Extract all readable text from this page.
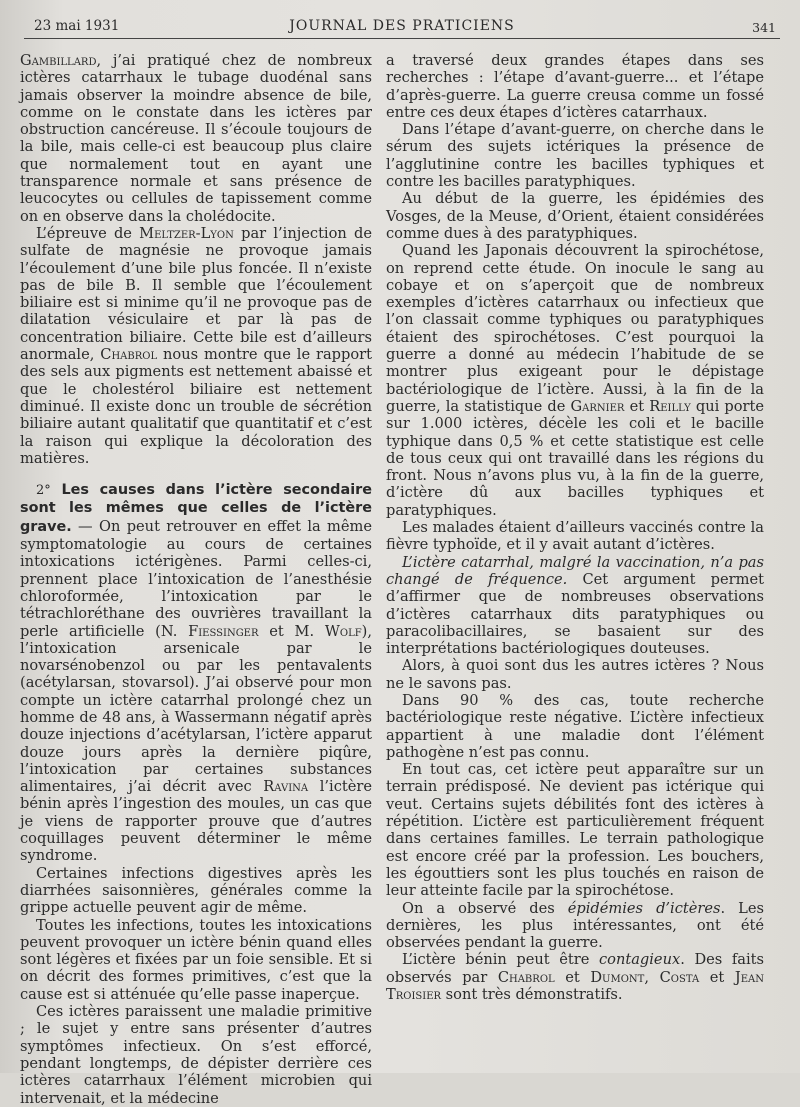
23 mai 1931	JOURNAL DES PRATICIENS	341

Gambillard, j’ai pratiqué chez de nombreux ictères catarrhaux le tubage duodénal sans jamais observer la moindre absence de bile, comme on le constate dans les ictères par obstruction cancéreuse. Il s’écoule toujours de la bile, mais celle-ci est beaucoup plus claire que normalement tout en ayant une transparence normale et sans présence de leucocytes ou cellules de tapissement comme on en observe dans la cholédocite.

L’épreuve de Meltzer-Lyon par l’injection de sulfate de magnésie ne provoque jamais l’écoulement d’une bile plus foncée. Il n’existe pas de bile B. Il semble que l’écoulement biliaire est si minime qu’il ne provoque pas de dilatation vésiculaire et par là pas de concentration biliaire. Cette bile est d’ailleurs anormale, Chabrol nous montre que le rapport des sels aux pigments est nettement abaissé et que le cholestérol biliaire est nettement diminué. Il existe donc un trouble de sécrétion biliaire autant qualitatif que quantitatif et c’est la raison qui explique la décoloration des matières.

2° Les causes dans l’ictère secondaire sont les mêmes que celles de l’ictère grave. — On peut retrouver en effet la même symptomatologie au cours de certaines intoxications ictérigènes. Parmi celles-ci, prennent place l’intoxication de l’anesthésie chloroformée, l’intoxication par le tétrachloréthane des ouvrières travaillant la perle artificielle (N. Fiessinger et M. Wolf), l’intoxication arsenicale par le novarsénobenzol ou par les pentavalents (acétylarsan, stovarsol). J’ai observé pour mon compte un ictère catarrhal prolongé chez un homme de 48 ans, à Wassermann négatif après douze injections d’acétylarsan, l’ictère apparut douze jours après la dernière piqûre, l’intoxication par certaines substances alimentaires, j’ai décrit avec Ravina l’ictère bénin après l’ingestion des moules, un cas que je viens de rapporter prouve que d’autres coquillages peuvent déterminer le même syndrome.

Certaines infections digestives après les diarrhées saisonnières, générales comme la grippe actuelle peuvent agir de même.

Toutes les infections, toutes les intoxications peuvent provoquer un ictère bénin quand elles sont légères et fixées par un foie sensible. Et si on décrit des formes primitives, c’est que la cause est si atténuée qu’elle passe inaperçue.

Ces ictères paraissent une maladie primitive ; le sujet y entre sans présenter d’autres symptômes infectieux. On s’est efforcé, pendant longtemps, de dépister derrière ces ictères catarrhaux l’élément microbien qui intervenait, et la médecine

a traversé deux grandes étapes dans ses recherches : l’étape d’avant-guerre... et l’étape d’après-guerre. La guerre creusa comme un fossé entre ces deux étapes d’ictères catarrhaux.

Dans l’étape d’avant-guerre, on cherche dans le sérum des sujets ictériques la présence de l’agglutinine contre les bacilles typhiques et contre les bacilles paratyphiques.

Au début de la guerre, les épidémies des Vosges, de la Meuse, d’Orient, étaient considérées comme dues à des paratyphiques.

Quand les Japonais découvrent la spirochétose, on reprend cette étude. On inocule le sang au cobaye et on s’aperçoit que de nombreux exemples d’ictères catarrhaux ou infectieux que l’on classait comme typhiques ou paratyphiques étaient des spirochétoses. C’est pourquoi la guerre a donné au médecin l’habitude de se montrer plus exigeant pour le dépistage bactériologique de l’ictère. Aussi, à la fin de la guerre, la statistique de Garnier et Reilly qui porte sur 1.000 ictères, décèle les coli et le bacille typhique dans 0,5 % et cette statistique est celle de tous ceux qui ont travaillé dans les régions du front. Nous n’avons plus vu, à la fin de la guerre, d’ictère dû aux bacilles typhiques et paratyphiques.

Les malades étaient d’ailleurs vaccinés contre la fièvre typhoïde, et il y avait autant d’ictères.

L’ictère catarrhal, malgré la vaccination, n’a pas changé de fréquence. Cet argument permet d’affirmer que de nombreuses observations d’ictères catarrhaux dits paratyphiques ou paracolibacillaires, se basaient sur des interprétations bactériologiques douteuses.

Alors, à quoi sont dus les autres ictères ? Nous ne le savons pas.

Dans 90 % des cas, toute recherche bactériologique reste négative. L’ictère infectieux appartient à une maladie dont l’élément pathogène n’est pas connu.

En tout cas, cet ictère peut apparaître sur un terrain prédisposé. Ne devient pas ictérique qui veut. Certains sujets débilités font des ictères à répétition. L’ictère est particulièrement fréquent dans certaines familles. Le terrain pathologique est encore créé par la profession. Les bouchers, les égouttiers sont les plus touchés en raison de leur atteinte facile par la spirochétose.

On a observé des épidémies d’ictères. Les dernières, les plus intéressantes, ont été observées pendant la guerre.

L’ictère bénin peut être contagieux. Des faits observés par Chabrol et Dumont, Costa et Jean Troisier sont très démonstratifs.
